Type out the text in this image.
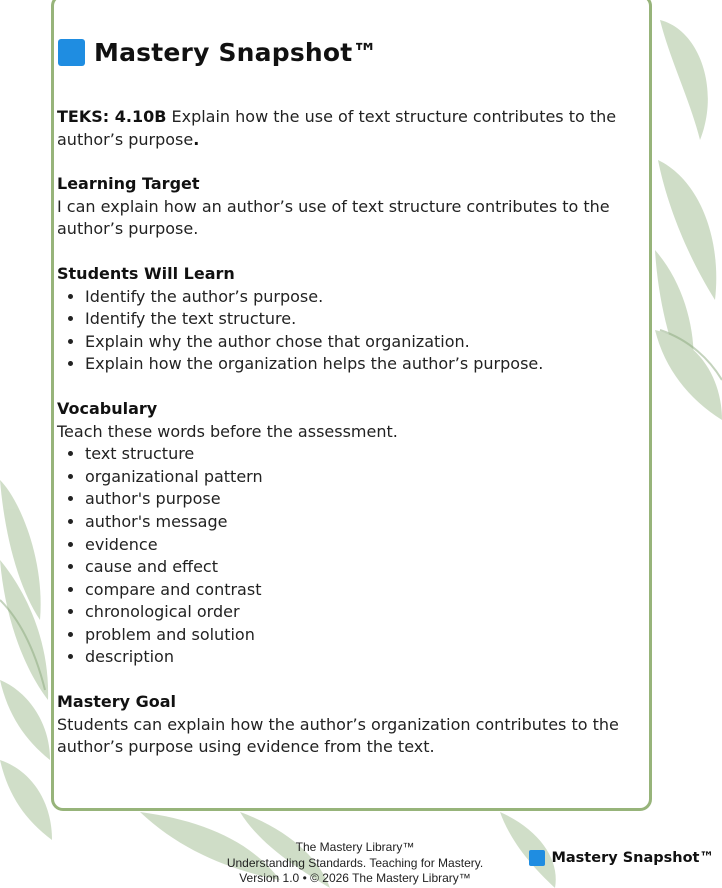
Mastery Snapshot™

TEKS: 4.10B Explain how the use of text structure contributes to the author’s purpose.

Learning Target

I can explain how an author’s use of text structure contributes to the author’s purpose.

Students Will Learn

• Identify the author’s purpose.
• Identify the text structure.
• Explain why the author chose that organization.
• Explain how the organization helps the author’s purpose.

Vocabulary

Teach these words before the assessment.

• text structure
• organizational pattern
• author's purpose
• author's message
• evidence
• cause and effect
• compare and contrast
• chronological order
• problem and solution
• description

Mastery Goal

Students can explain how the author’s organization contributes to the author’s purpose using evidence from the text.

The Mastery Library™
Understanding Standards. Teaching for Mastery.
Version 1.0 • © 2026 The Mastery Library™
Mastery Snapshot™
